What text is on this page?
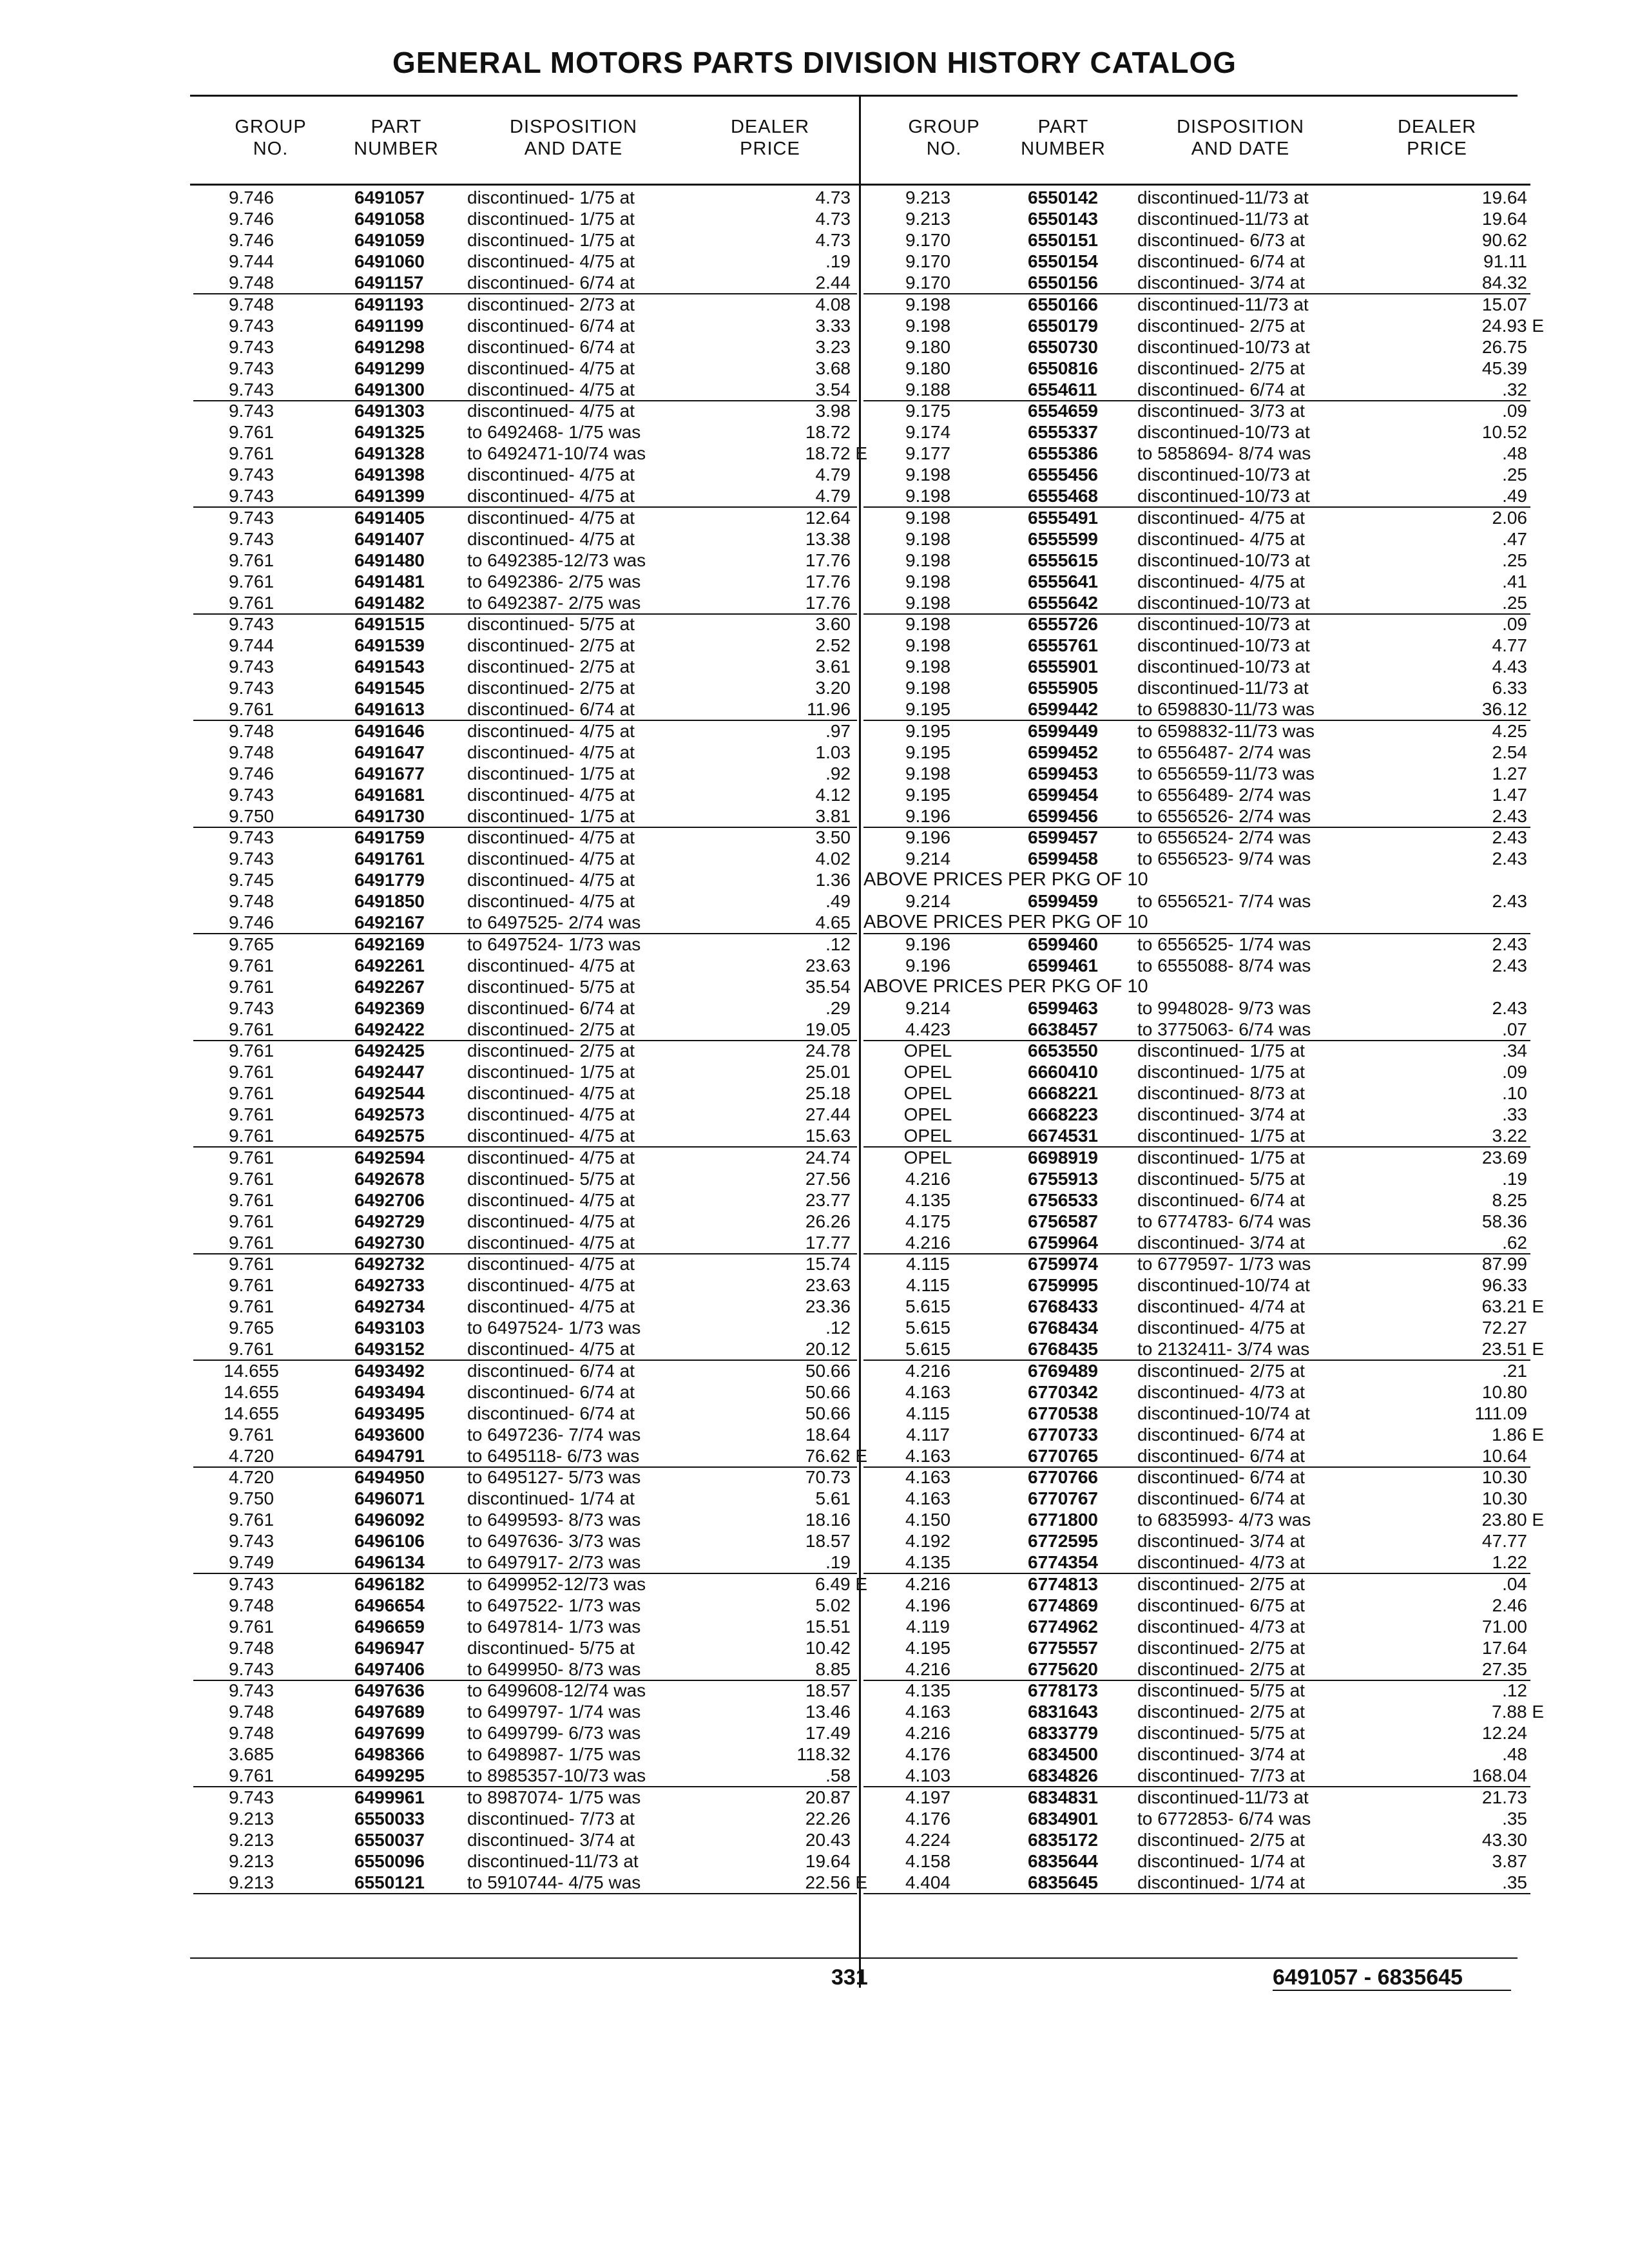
GENERAL MOTORS PARTS DIVISION HISTORY CATALOG
GROUP
NO.
PART
NUMBER
DISPOSITION
AND DATE
DEALER
PRICE
GROUP
NO.
PART
NUMBER
DISPOSITION
AND DATE
DEALER
PRICE
9.746	6491057	discontinued- 1/75 at	4.73
9.746	6491058	discontinued- 1/75 at	4.73
9.746	6491059	discontinued- 1/75 at	4.73
9.744	6491060	discontinued- 4/75 at	.19
9.748	6491157	discontinued- 6/74 at	2.44
9.748	6491193	discontinued- 2/73 at	4.08
9.743	6491199	discontinued- 6/74 at	3.33
9.743	6491298	discontinued- 6/74 at	3.23
9.743	6491299	discontinued- 4/75 at	3.68
9.743	6491300	discontinued- 4/75 at	3.54
9.743	6491303	discontinued- 4/75 at	3.98
9.761	6491325	to 6492468- 1/75 was	18.72
9.761	6491328	to 6492471-10/74 was	18.72 E
9.743	6491398	discontinued- 4/75 at	4.79
9.743	6491399	discontinued- 4/75 at	4.79
9.743	6491405	discontinued- 4/75 at	12.64
9.743	6491407	discontinued- 4/75 at	13.38
9.761	6491480	to 6492385-12/73 was	17.76
9.761	6491481	to 6492386- 2/75 was	17.76
9.761	6491482	to 6492387- 2/75 was	17.76
9.743	6491515	discontinued- 5/75 at	3.60
9.744	6491539	discontinued- 2/75 at	2.52
9.743	6491543	discontinued- 2/75 at	3.61
9.743	6491545	discontinued- 2/75 at	3.20
9.761	6491613	discontinued- 6/74 at	11.96
9.748	6491646	discontinued- 4/75 at	.97
9.748	6491647	discontinued- 4/75 at	1.03
9.746	6491677	discontinued- 1/75 at	.92
9.743	6491681	discontinued- 4/75 at	4.12
9.750	6491730	discontinued- 1/75 at	3.81
9.743	6491759	discontinued- 4/75 at	3.50
9.743	6491761	discontinued- 4/75 at	4.02
9.745	6491779	discontinued- 4/75 at	1.36
9.748	6491850	discontinued- 4/75 at	.49
9.746	6492167	to 6497525- 2/74 was	4.65
9.765	6492169	to 6497524- 1/73 was	.12
9.761	6492261	discontinued- 4/75 at	23.63
9.761	6492267	discontinued- 5/75 at	35.54
9.743	6492369	discontinued- 6/74 at	.29
9.761	6492422	discontinued- 2/75 at	19.05
9.761	6492425	discontinued- 2/75 at	24.78
9.761	6492447	discontinued- 1/75 at	25.01
9.761	6492544	discontinued- 4/75 at	25.18
9.761	6492573	discontinued- 4/75 at	27.44
9.761	6492575	discontinued- 4/75 at	15.63
9.761	6492594	discontinued- 4/75 at	24.74
9.761	6492678	discontinued- 5/75 at	27.56
9.761	6492706	discontinued- 4/75 at	23.77
9.761	6492729	discontinued- 4/75 at	26.26
9.761	6492730	discontinued- 4/75 at	17.77
9.761	6492732	discontinued- 4/75 at	15.74
9.761	6492733	discontinued- 4/75 at	23.63
9.761	6492734	discontinued- 4/75 at	23.36
9.765	6493103	to 6497524- 1/73 was	.12
9.761	6493152	discontinued- 4/75 at	20.12
14.655	6493492	discontinued- 6/74 at	50.66
14.655	6493494	discontinued- 6/74 at	50.66
14.655	6493495	discontinued- 6/74 at	50.66
9.761	6493600	to 6497236- 7/74 was	18.64
4.720	6494791	to 6495118- 6/73 was	76.62 E
4.720	6494950	to 6495127- 5/73 was	70.73
9.750	6496071	discontinued- 1/74 at	5.61
9.761	6496092	to 6499593- 8/73 was	18.16
9.743	6496106	to 6497636- 3/73 was	18.57
9.749	6496134	to 6497917- 2/73 was	.19
9.743	6496182	to 6499952-12/73 was	6.49 E
9.748	6496654	to 6497522- 1/73 was	5.02
9.761	6496659	to 6497814- 1/73 was	15.51
9.748	6496947	discontinued- 5/75 at	10.42
9.743	6497406	to 6499950- 8/73 was	8.85
9.743	6497636	to 6499608-12/74 was	18.57
9.748	6497689	to 6499797- 1/74 was	13.46
9.748	6497699	to 6499799- 6/73 was	17.49
3.685	6498366	to 6498987- 1/75 was	118.32
9.761	6499295	to 8985357-10/73 was	.58
9.743	6499961	to 8987074- 1/75 was	20.87
9.213	6550033	discontinued- 7/73 at	22.26
9.213	6550037	discontinued- 3/74 at	20.43
9.213	6550096	discontinued-11/73 at	19.64
9.213	6550121	to 5910744- 4/75 was	22.56 E
9.213	6550142	discontinued-11/73 at	19.64
9.213	6550143	discontinued-11/73 at	19.64
9.170	6550151	discontinued- 6/73 at	90.62
9.170	6550154	discontinued- 6/74 at	91.11
9.170	6550156	discontinued- 3/74 at	84.32
9.198	6550166	discontinued-11/73 at	15.07
9.198	6550179	discontinued- 2/75 at	24.93 E
9.180	6550730	discontinued-10/73 at	26.75
9.180	6550816	discontinued- 2/75 at	45.39
9.188	6554611	discontinued- 6/74 at	.32
9.175	6554659	discontinued- 3/73 at	.09
9.174	6555337	discontinued-10/73 at	10.52
9.177	6555386	to 5858694- 8/74 was	.48
9.198	6555456	discontinued-10/73 at	.25
9.198	6555468	discontinued-10/73 at	.49
9.198	6555491	discontinued- 4/75 at	2.06
9.198	6555599	discontinued- 4/75 at	.47
9.198	6555615	discontinued-10/73 at	.25
9.198	6555641	discontinued- 4/75 at	.41
9.198	6555642	discontinued-10/73 at	.25
9.198	6555726	discontinued-10/73 at	.09
9.198	6555761	discontinued-10/73 at	4.77
9.198	6555901	discontinued-10/73 at	4.43
9.198	6555905	discontinued-11/73 at	6.33
9.195	6599442	to 6598830-11/73 was	36.12
9.195	6599449	to 6598832-11/73 was	4.25
9.195	6599452	to 6556487- 2/74 was	2.54
9.198	6599453	to 6556559-11/73 was	1.27
9.195	6599454	to 6556489- 2/74 was	1.47
9.196	6599456	to 6556526- 2/74 was	2.43
9.196	6599457	to 6556524- 2/74 was	2.43
9.214	6599458	to 6556523- 9/74 was	2.43
ABOVE PRICES PER PKG OF 10
9.214	6599459	to 6556521- 7/74 was	2.43
ABOVE PRICES PER PKG OF 10
9.196	6599460	to 6556525- 1/74 was	2.43
9.196	6599461	to 6555088- 8/74 was	2.43
ABOVE PRICES PER PKG OF 10
9.214	6599463	to 9948028- 9/73 was	2.43
4.423	6638457	to 3775063- 6/74 was	.07
OPEL	6653550	discontinued- 1/75 at	.34
OPEL	6660410	discontinued- 1/75 at	.09
OPEL	6668221	discontinued- 8/73 at	.10
OPEL	6668223	discontinued- 3/74 at	.33
OPEL	6674531	discontinued- 1/75 at	3.22
OPEL	6698919	discontinued- 1/75 at	23.69
4.216	6755913	discontinued- 5/75 at	.19
4.135	6756533	discontinued- 6/74 at	8.25
4.175	6756587	to 6774783- 6/74 was	58.36
4.216	6759964	discontinued- 3/74 at	.62
4.115	6759974	to 6779597- 1/73 was	87.99
4.115	6759995	discontinued-10/74 at	96.33
5.615	6768433	discontinued- 4/74 at	63.21 E
5.615	6768434	discontinued- 4/75 at	72.27
5.615	6768435	to 2132411- 3/74 was	23.51 E
4.216	6769489	discontinued- 2/75 at	.21
4.163	6770342	discontinued- 4/73 at	10.80
4.115	6770538	discontinued-10/74 at	111.09
4.117	6770733	discontinued- 6/74 at	1.86 E
4.163	6770765	discontinued- 6/74 at	10.64
4.163	6770766	discontinued- 6/74 at	10.30
4.163	6770767	discontinued- 6/74 at	10.30
4.150	6771800	to 6835993- 4/73 was	23.80 E
4.192	6772595	discontinued- 3/74 at	47.77
4.135	6774354	discontinued- 4/73 at	1.22
4.216	6774813	discontinued- 2/75 at	.04
4.196	6774869	discontinued- 6/75 at	2.46
4.119	6774962	discontinued- 4/73 at	71.00
4.195	6775557	discontinued- 2/75 at	17.64
4.216	6775620	discontinued- 2/75 at	27.35
4.135	6778173	discontinued- 5/75 at	.12
4.163	6831643	discontinued- 2/75 at	7.88 E
4.216	6833779	discontinued- 5/75 at	12.24
4.176	6834500	discontinued- 3/74 at	.48
4.103	6834826	discontinued- 7/73 at	168.04
4.197	6834831	discontinued-11/73 at	21.73
4.176	6834901	to 6772853- 6/74 was	.35
4.224	6835172	discontinued- 2/75 at	43.30
4.158	6835644	discontinued- 1/74 at	3.87
4.404	6835645	discontinued- 1/74 at	.35
331	6491057 - 6835645
